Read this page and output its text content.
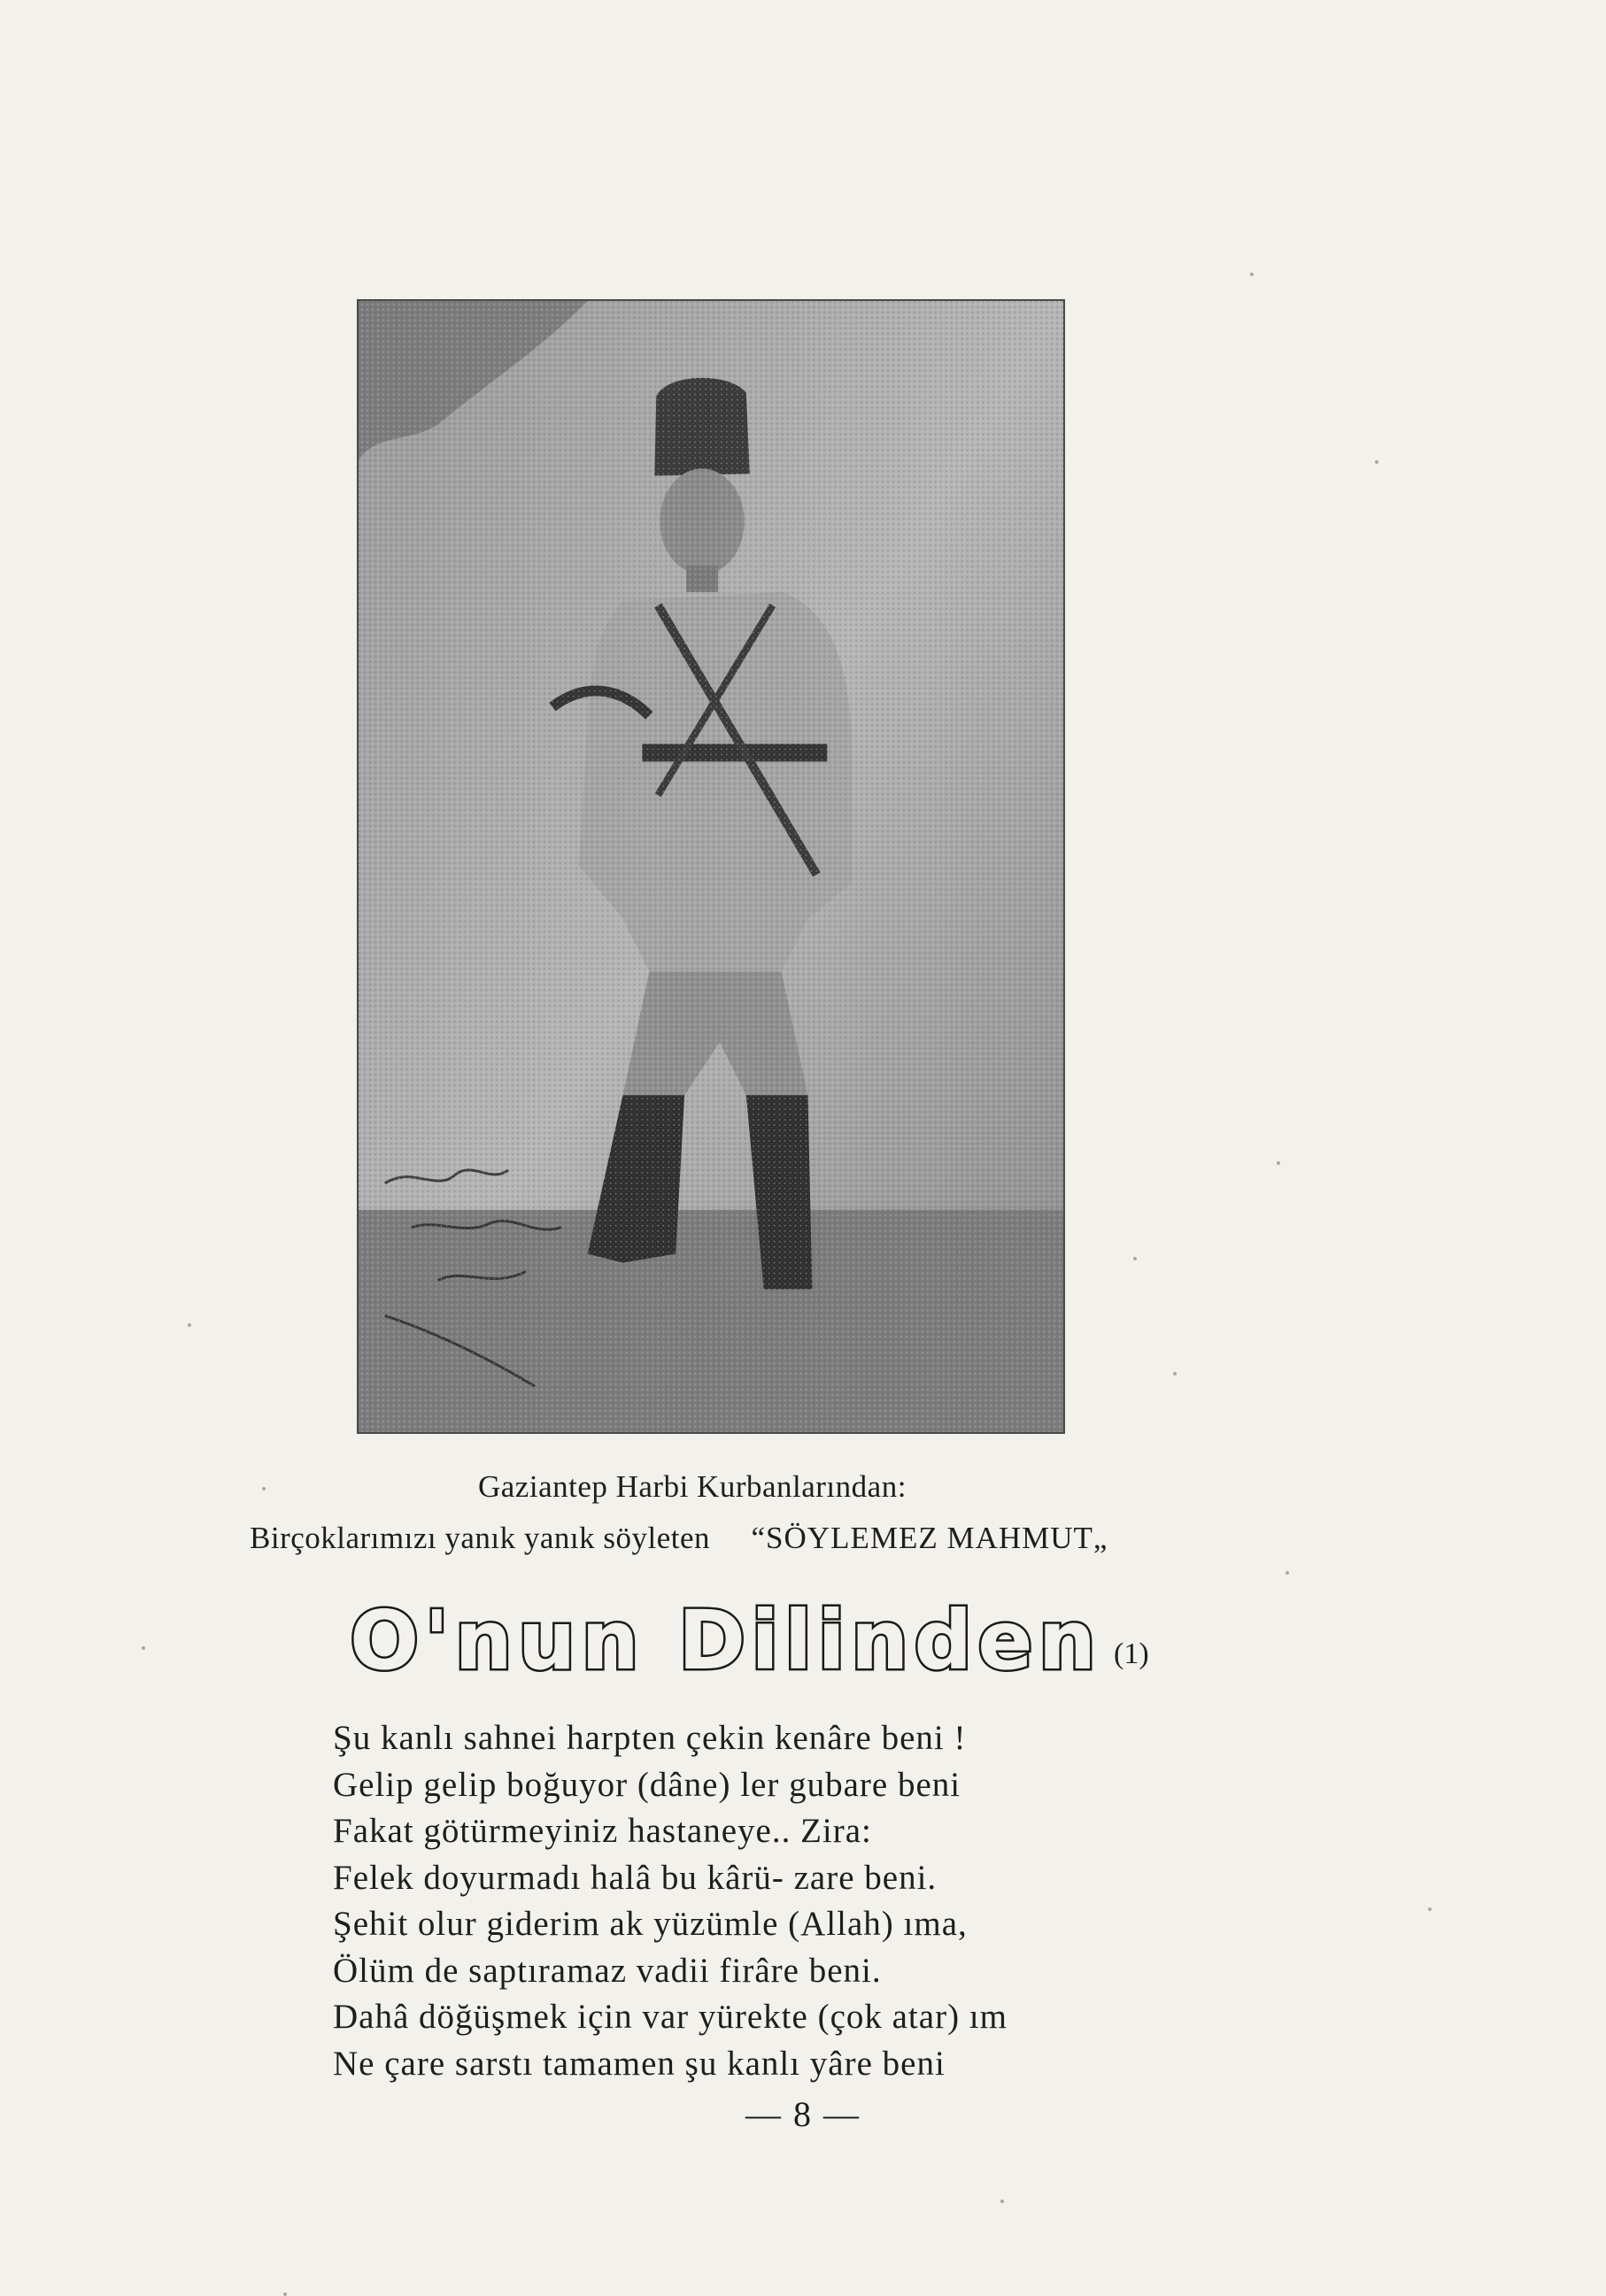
Gaziantep Harbi Kurbanlarından:
Birçoklarımızı yanık yanık söyleten “SÖYLEMEZ MAHMUT„
O'nun Dilinden (1)
Şu kanlı sahnei harpten çekin kenâre beni !
Gelip gelip boğuyor (dâne) ler gubare beni
Fakat götürmeyiniz hastaneye.. Zira:
Felek doyurmadı halâ bu kârü- zare beni.
Şehit olur giderim ak yüzümle (Allah) ıma,
Ölüm de saptıramaz vadii firâre beni.
Dahâ döğüşmek için var yürekte (çok atar) ım
Ne çare sarstı tamamen şu kanlı yâre beni
— 8 —
